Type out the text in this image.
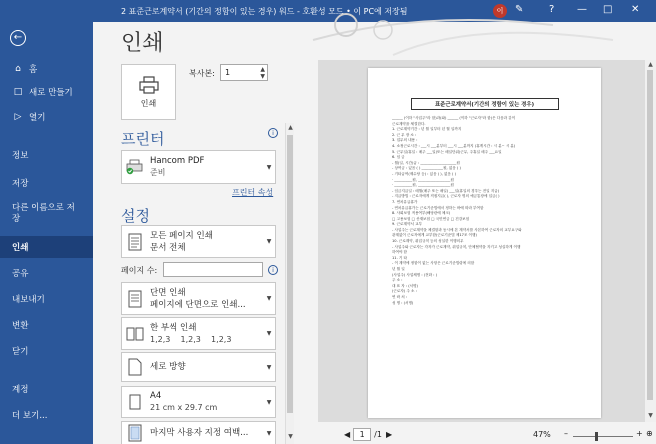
←
⌂ 홈
□ 새로 만들기
▷ 열기
정보
저장
다른 이름으로 저장
인쇄
공유
내보내기
변환
닫기
계정
더 보기...
2 표준근로계약서 (기간의 정함이 있는 경우) 워드 - 호환성 모드 • 이 PC에 저장됨	이	✎	? — □ ✕
인쇄
인쇄
복사본:	1	▲
▼
프린터	i
Hancom PDF
준비
▼
프린터 속성
설정
모든 페이지 인쇄
문서 전체
▼
페이지 수:	i
단면 인쇄
페이지에 단면으로 인쇄...
▼
한 부씩 인쇄
1,2,3    1,2,3    1,2,3
▼
세로 방향	▼
A4
21 cm x 29.7 cm
▼
마지막 사용자 지정 여백...	▼
▲
▼
표준근로계약서(기간의 정함이 있는 경우)
______ (이하 "사업주"라 함)과(와) ______ (이하 "근로자"라 함)은 다음과 같이
근로계약을 체결한다.
1. 근로계약기간 : 년 월 일부터 년 월 일까지
2. 근 무 장 소 :
3. 업무의 내용 :
4. 소정근로시간 : ___시 ___분부터 ___시 ___분까지 (휴게시간 : 시 분~ 시 분)
5. 근무일/휴일 : 매주 ___일(또는 매일단위)근무, 주휴일 매주 ___요일
6. 임 금
- 월(일, 시간)급 : ____________________원
- 상여금 : 있음 ( ) ____________원, 없음 ( )
- 기타급여(제수당 등) : 있음 ( ), 없음 ( )
· __________원, __________________원
· __________원, __________________원
- 임금지급일 : 매월(매주 또는 매일) ___일(휴일의 경우는 전일 지급)
- 지급방법 : 근로자에게 직접지급( ), 근로자 명의 예금통장에 입금( )
7. 연차유급휴가
- 연차유급휴가는 근로기준법에서 정하는 바에 따라 부여함
8. 사회보험 적용여부(해당란에 체크)
□ 고용보험 □ 산재보험 □ 국민연금 □ 건강보험
9. 근로계약서 교부
- 사업주는 근로계약을 체결함과 동시에 본 계약서를 사본하여 근로자의 교부요구와
관계없이 근로자에게 교부함(근로기준법 제17조 이행)
10. 근로계약, 취업규칙 등의 성실한 이행의무
- 사업주와 근로자는 각자가 근로계약, 취업규칙, 단체협약을 지키고 성실하게 이행
하여야 함
11. 기 타
- 이 계약에 정함이 없는 사항은 근로기준법령에 의함
년 월 일
(사업주) 사업체명 : (전화 : )
주 소 :
대 표 자 : (서명)
(근로자) 주 소 :
연 락 처 :
성 명 : (서명)
▲
▼
◀	1	/1 ▶	47% –	+ ⊕
